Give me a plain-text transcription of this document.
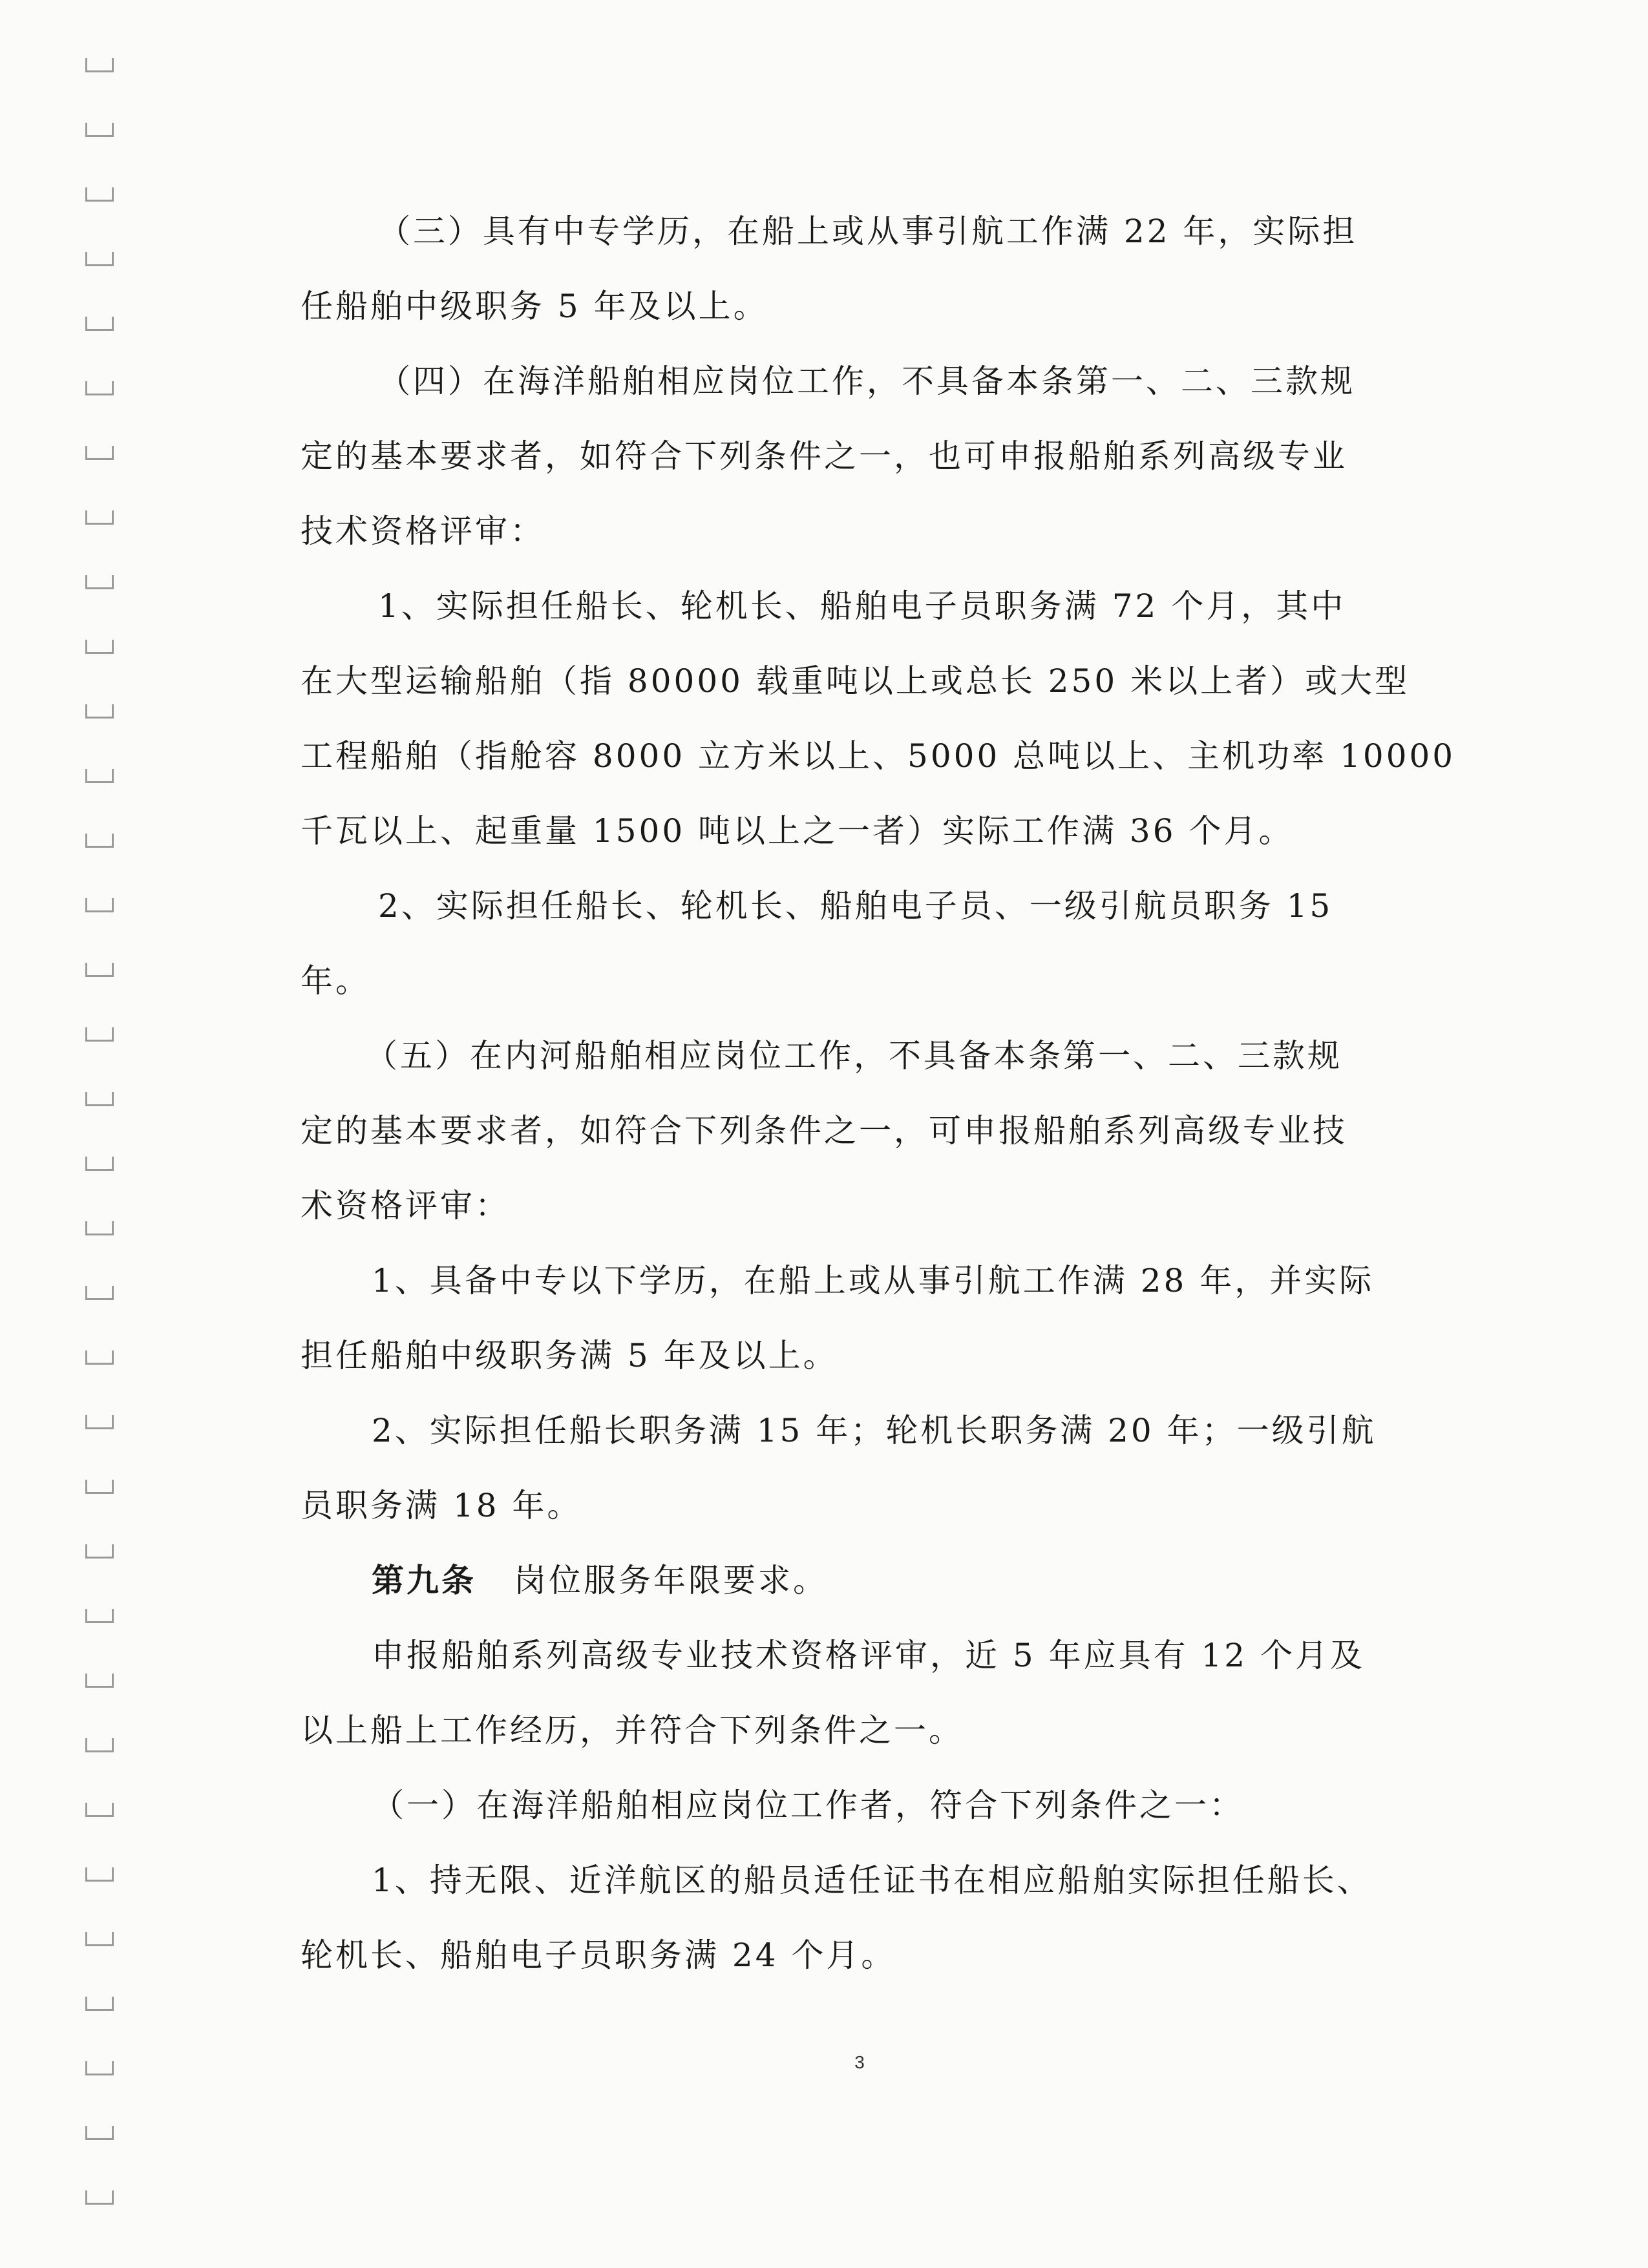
（三）具有中专学历，在船上或从事引航工作满 22 年，实际担
任船舶中级职务 5 年及以上。
（四）在海洋船舶相应岗位工作，不具备本条第一、二、三款规
定的基本要求者，如符合下列条件之一，也可申报船舶系列高级专业
技术资格评审：
1、实际担任船长、轮机长、船舶电子员职务满 72 个月，其中
在大型运输船舶（指 80000 载重吨以上或总长 250 米以上者）或大型
工程船舶（指舱容 8000 立方米以上、5000 总吨以上、主机功率 10000
千瓦以上、起重量 1500 吨以上之一者）实际工作满 36 个月。
2、实际担任船长、轮机长、船舶电子员、一级引航员职务 15
年。
（五）在内河船舶相应岗位工作，不具备本条第一、二、三款规
定的基本要求者，如符合下列条件之一，可申报船舶系列高级专业技
术资格评审：
1、具备中专以下学历，在船上或从事引航工作满 28 年，并实际
担任船舶中级职务满 5 年及以上。
2、实际担任船长职务满 15 年；轮机长职务满 20 年；一级引航
员职务满 18 年。
第九条 岗位服务年限要求。
申报船舶系列高级专业技术资格评审，近 5 年应具有 12 个月及
以上船上工作经历，并符合下列条件之一。
（一）在海洋船舶相应岗位工作者，符合下列条件之一：
1、持无限、近洋航区的船员适任证书在相应船舶实际担任船长、
轮机长、船舶电子员职务满 24 个月。
3
